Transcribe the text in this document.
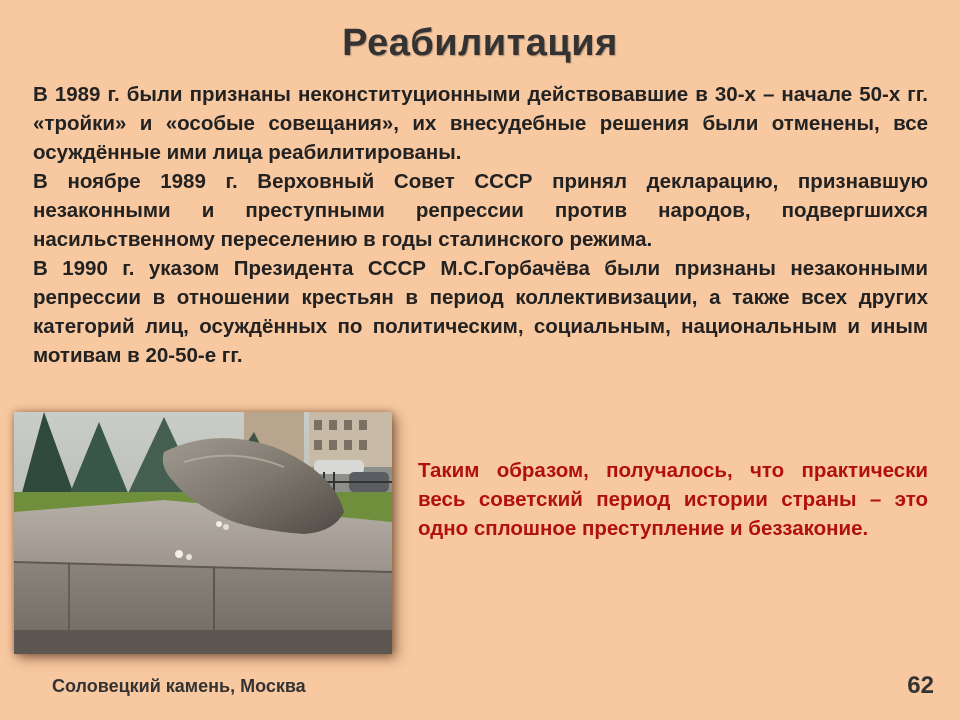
Реабилитация

В 1989 г. были признаны неконституционными действовавшие в 30-х – начале 50-х гг. «тройки» и «особые совещания», их внесудебные решения были отменены, все осуждённые ими лица реабилитированы.

В ноябре 1989 г. Верховный Совет СССР принял декларацию, признавшую незаконными и преступными репрессии против народов, подвергшихся насильственному переселению в годы сталинского режима.

В 1990 г. указом Президента СССР М.С.Горбачёва были признаны незаконными репрессии в отношении крестьян в период коллективизации, а также всех других категорий лиц, осуждённых по политическим, социальным, национальным и иным мотивам в 20-50-е гг.

Таким образом, получалось, что практически весь советский период истории страны – это одно сплошное преступление и беззаконие.

Соловецкий камень, Москва	62
